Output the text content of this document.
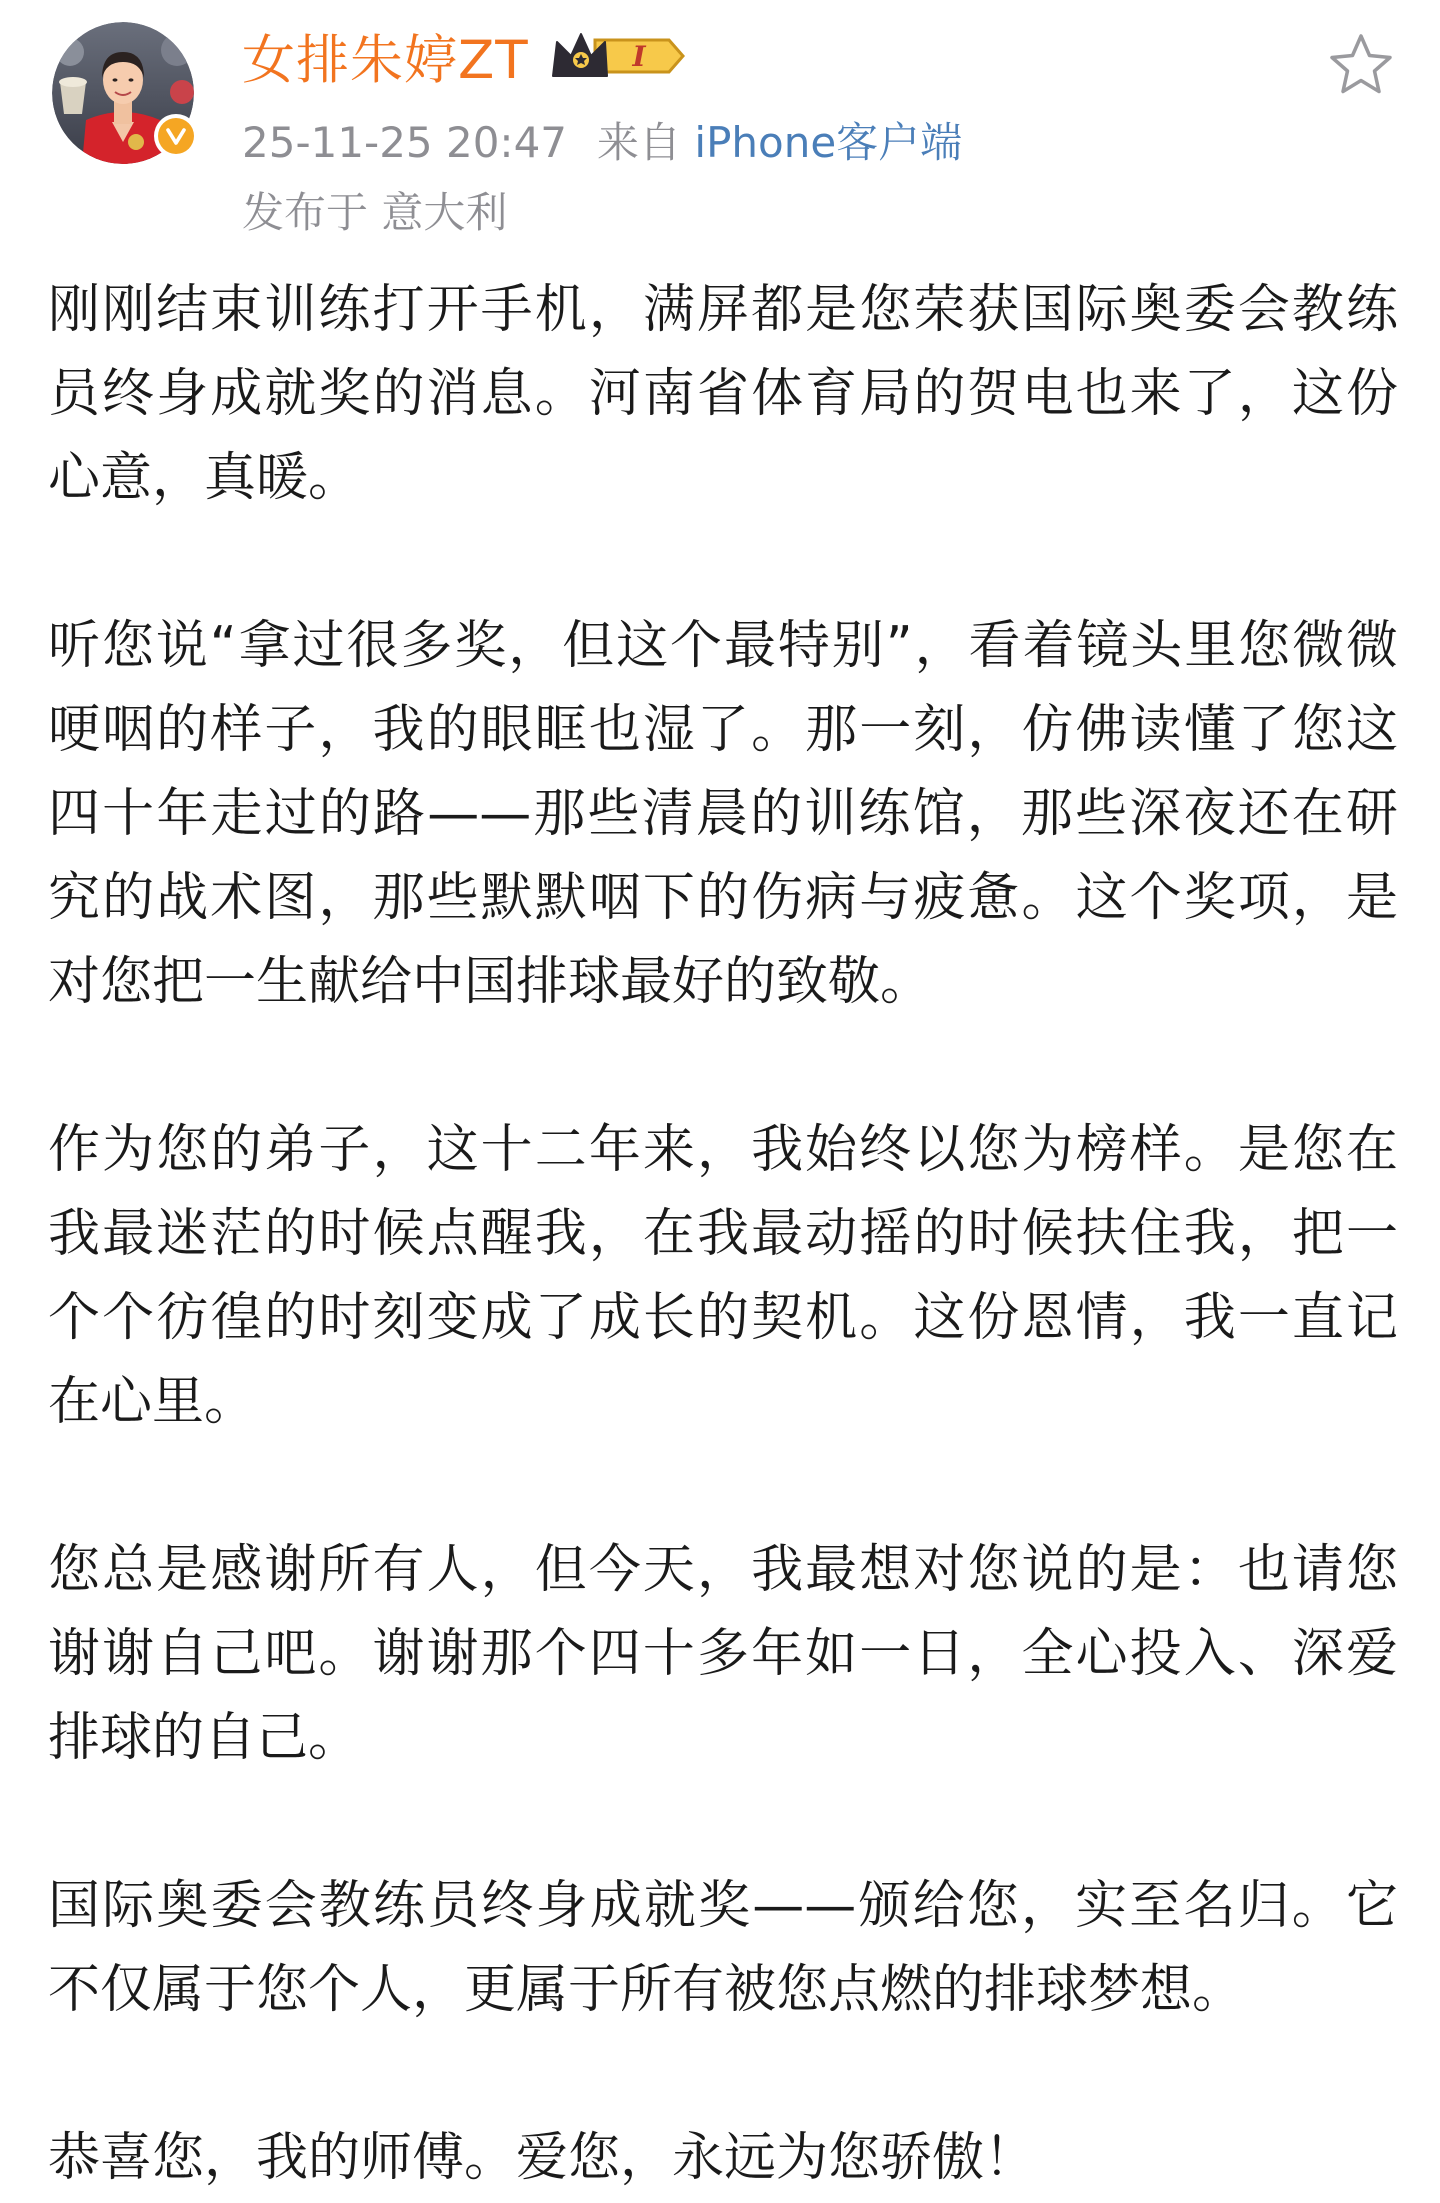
女排朱婷ZT	I
25-11-25 20:47 来自 iPhone客户端
发布于 意大利

刚刚结束训练打开手机，满屏都是您荣获国际奥委会教练员终身成就奖的消息。河南省体育局的贺电也来了，这份心意，真暖。

听您说“拿过很多奖，但这个最特别”，看着镜头里您微微哽咽的样子，我的眼眶也湿了。那一刻，仿佛读懂了您这四十年走过的路——那些清晨的训练馆，那些深夜还在研究的战术图，那些默默咽下的伤病与疲惫。这个奖项，是对您把一生献给中国排球最好的致敬。

作为您的弟子，这十二年来，我始终以您为榜样。是您在我最迷茫的时候点醒我，在我最动摇的时候扶住我，把一个个彷徨的时刻变成了成长的契机。这份恩情，我一直记在心里。

您总是感谢所有人，但今天，我最想对您说的是：也请您谢谢自己吧。谢谢那个四十多年如一日，全心投入、深爱排球的自己。

国际奥委会教练员终身成就奖——颁给您，实至名归。它不仅属于您个人，更属于所有被您点燃的排球梦想。

恭喜您，我的师傅。爱您，永远为您骄傲！
